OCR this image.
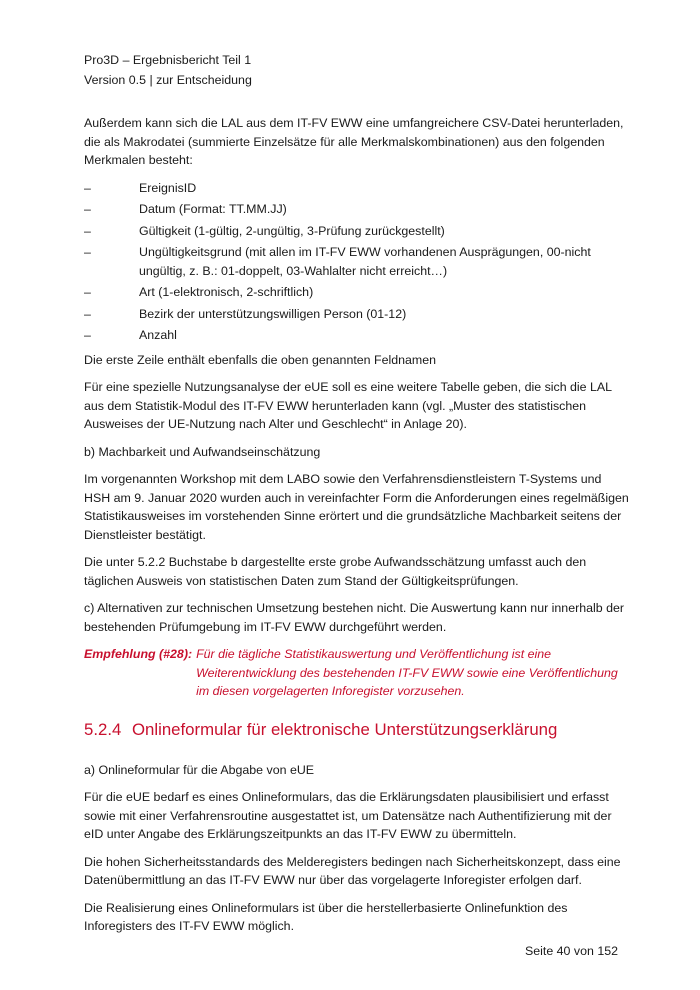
Pro3D – Ergebnisbericht Teil 1
Version 0.5 | zur Entscheidung

Außerdem kann sich die LAL aus dem IT-FV EWW eine umfangreichere CSV-Datei herunterladen, die als Makrodatei (summierte Einzelsätze für alle Merkmalskombinationen) aus den folgenden Merkmalen besteht:

–	EreignisID
–	Datum (Format: TT.MM.JJ)
–	Gültigkeit (1-gültig, 2-ungültig, 3-Prüfung zurückgestellt)
–	Ungültigkeitsgrund (mit allen im IT-FV EWW vorhandenen Ausprägungen, 00-nicht ungültig, z. B.: 01-doppelt, 03-Wahlalter nicht erreicht…)
–	Art (1-elektronisch, 2-schriftlich)
–	Bezirk der unterstützungswilligen Person (01-12)
–	Anzahl

Die erste Zeile enthält ebenfalls die oben genannten Feldnamen

Für eine spezielle Nutzungsanalyse der eUE soll es eine weitere Tabelle geben, die sich die LAL aus dem Statistik-Modul des IT-FV EWW herunterladen kann (vgl. „Muster des statistischen Ausweises der UE-Nutzung nach Alter und Geschlecht“ in Anlage 20).

b) Machbarkeit und Aufwandseinschätzung

Im vorgenannten Workshop mit dem LABO sowie den Verfahrensdienstleistern T-Systems und HSH am 9. Januar 2020 wurden auch in vereinfachter Form die Anforderungen eines regelmäßigen Statistikausweises im vorstehenden Sinne erörtert und die grundsätzliche Machbarkeit seitens der Dienstleister bestätigt.

Die unter 5.2.2 Buchstabe b dargestellte erste grobe Aufwandsschätzung umfasst auch den täglichen Ausweis von statistischen Daten zum Stand der Gültigkeitsprüfungen.

c) Alternativen zur technischen Umsetzung bestehen nicht. Die Auswertung kann nur innerhalb der bestehenden Prüfumgebung im IT-FV EWW durchgeführt werden.

Empfehlung (#28): Für die tägliche Statistikauswertung und Veröffentlichung ist eine Weiterentwicklung des bestehenden IT-FV EWW sowie eine Veröffentlichung im diesen vorgelagerten Inforegister vorzusehen.
5.2.4 Onlineformular für elektronische Unterstützungserklärung

a) Onlineformular für die Abgabe von eUE

Für die eUE bedarf es eines Onlineformulars, das die Erklärungsdaten plausibilisiert und erfasst sowie mit einer Verfahrensroutine ausgestattet ist, um Datensätze nach Authentifizierung mit der eID unter Angabe des Erklärungszeitpunkts an das IT-FV EWW zu übermitteln.

Die hohen Sicherheitsstandards des Melderegisters bedingen nach Sicherheitskonzept, dass eine Datenübermittlung an das IT-FV EWW nur über das vorgelagerte Inforegister erfolgen darf.

Die Realisierung eines Onlineformulars ist über die herstellerbasierte Onlinefunktion des Inforegisters des IT-FV EWW möglich.

Seite 40 von 152
